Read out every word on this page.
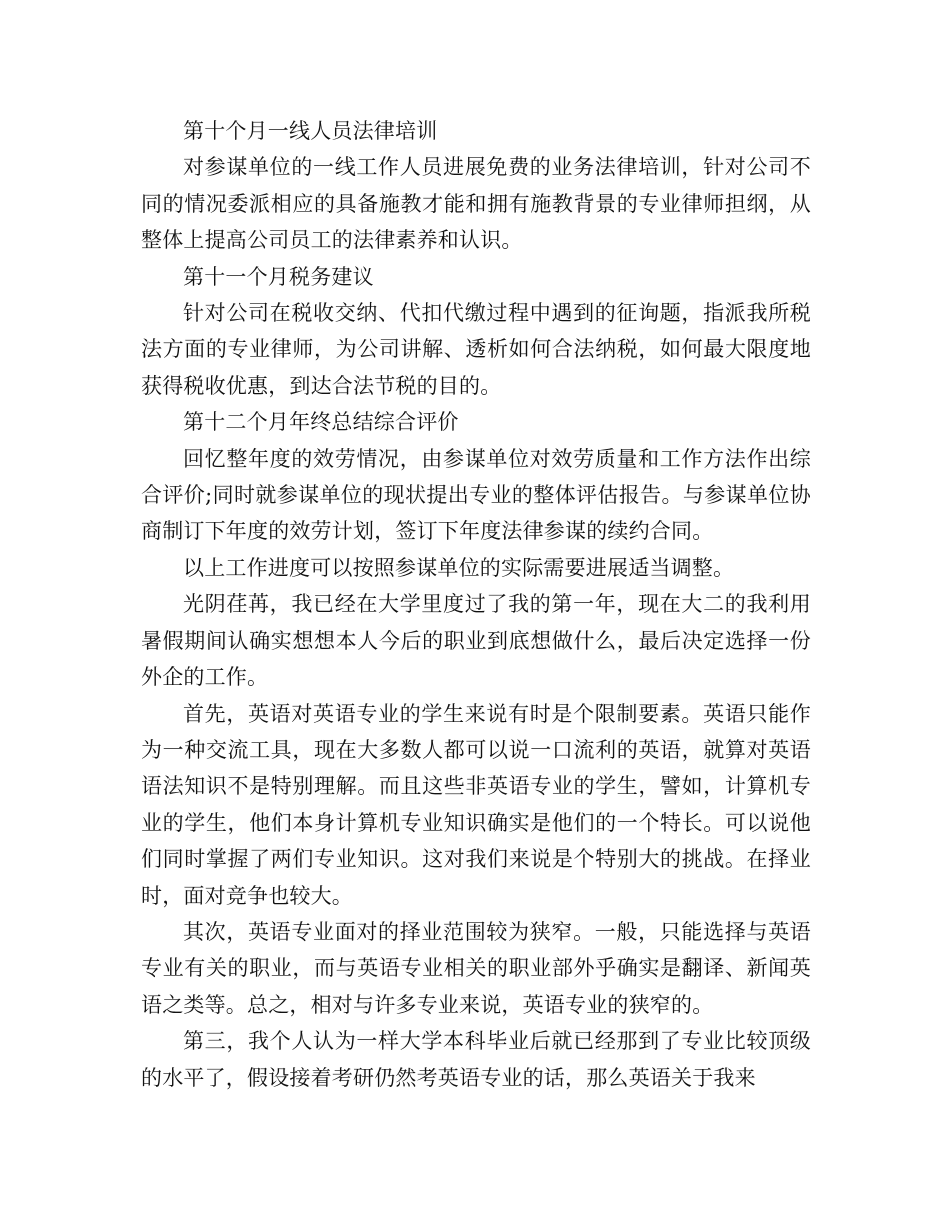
第十个月一线人员法律培训

对参谋单位的一线工作人员进展免费的业务法律培训，针对公司不同的情况委派相应的具备施教才能和拥有施教背景的专业律师担纲，从整体上提高公司员工的法律素养和认识。

第十一个月税务建议

针对公司在税收交纳、代扣代缴过程中遇到的征询题，指派我所税法方面的专业律师，为公司讲解、透析如何合法纳税，如何最大限度地获得税收优惠，到达合法节税的目的。

第十二个月年终总结综合评价

回忆整年度的效劳情况，由参谋单位对效劳质量和工作方法作出综合评价;同时就参谋单位的现状提出专业的整体评估报告。与参谋单位协商制订下年度的效劳计划，签订下年度法律参谋的续约合同。

以上工作进度可以按照参谋单位的实际需要进展适当调整。

光阴荏苒，我已经在大学里度过了我的第一年，现在大二的我利用暑假期间认确实想想本人今后的职业到底想做什么，最后决定选择一份外企的工作。

首先，英语对英语专业的学生来说有时是个限制要素。英语只能作为一种交流工具，现在大多数人都可以说一口流利的英语，就算对英语语法知识不是特别理解。而且这些非英语专业的学生，譬如，计算机专业的学生，他们本身计算机专业知识确实是他们的一个特长。可以说他们同时掌握了两们专业知识。这对我们来说是个特别大的挑战。在择业时，面对竞争也较大。

其次，英语专业面对的择业范围较为狭窄。一般，只能选择与英语专业有关的职业，而与英语专业相关的职业部外乎确实是翻译、新闻英语之类等。总之，相对与许多专业来说，英语专业的狭窄的。

第三，我个人认为一样大学本科毕业后就已经那到了专业比较顶级的水平了，假设接着考研仍然考英语专业的话，那么英语关于我来
